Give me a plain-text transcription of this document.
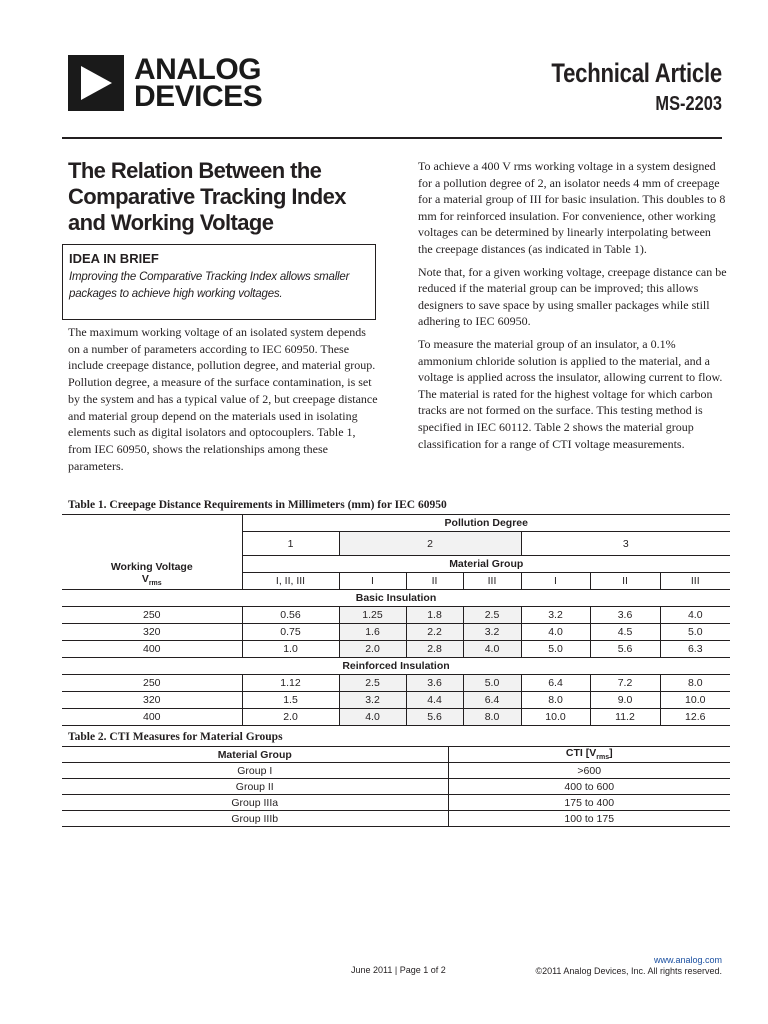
ANALOG
DEVICES
Technical Article
MS-2203
The Relation Between the Comparative Tracking Index and Working Voltage
IDEA IN BRIEF
Improving the Comparative Tracking Index allows smaller packages to achieve high working voltages.

The maximum working voltage of an isolated system depends on a number of parameters according to IEC 60950. These include creepage distance, pollution degree, and material group. Pollution degree, a measure of the surface contamination, is set by the system and has a typical value of 2, but creepage distance and material group depend on the materials used in isolating elements such as digital isolators and optocouplers. Table 1, from IEC 60950, shows the relationships among these parameters.

To achieve a 400 V rms working voltage in a system designed for a pollution degree of 2, an isolator needs 4 mm of creepage for a material group of III for basic insulation. This doubles to 8 mm for reinforced insulation. For convenience, other working voltages can be determined by linearly interpolating between the creepage distances (as indicated in Table 1).

Note that, for a given working voltage, creepage distance can be reduced if the material group can be improved; this allows designers to save space by using smaller packages while still adhering to IEC 60950.

To measure the material group of an insulator, a 0.1% ammonium chloride solution is applied to the material, and a voltage is applied across the insulator, allowing current to flow. The material is rated for the highest voltage for which carbon tracks are not formed on the surface. This testing method is specified in IEC 60112. Table 2 shows the material group classification for a range of CTI voltage measurements.

Table 1. Creepage Distance Requirements in Millimeters (mm) for IEC 60950
Working Voltage
$V_{rms}$	Pollution Degree						
	1	2			3		
	Material Group						
	I, II, III	I	II	III	I	II	III
Basic Insulation							
250	0.56	1.25	1.8	2.5	3.2	3.6	4.0
320	0.75	1.6	2.2	3.2	4.0	4.5	5.0
400	1.0	2.0	2.8	4.0	5.0	5.6	6.3
Reinforced Insulation							
250	1.12	2.5	3.6	5.0	6.4	7.2	8.0
320	1.5	3.2	4.4	6.4	8.0	9.0	10.0
400	2.0	4.0	5.6	8.0	10.0	11.2	12.6
Table 2. CTI Measures for Material Groups
Material Group	CTI $[V_{rms}]$
Group I	>600
Group II	400 to 600
Group IIIa	175 to 400
Group IIIb	100 to 175
June 2011 | Page 1 of 2
www.analog.com
©2011 Analog Devices, Inc. All rights reserved.
